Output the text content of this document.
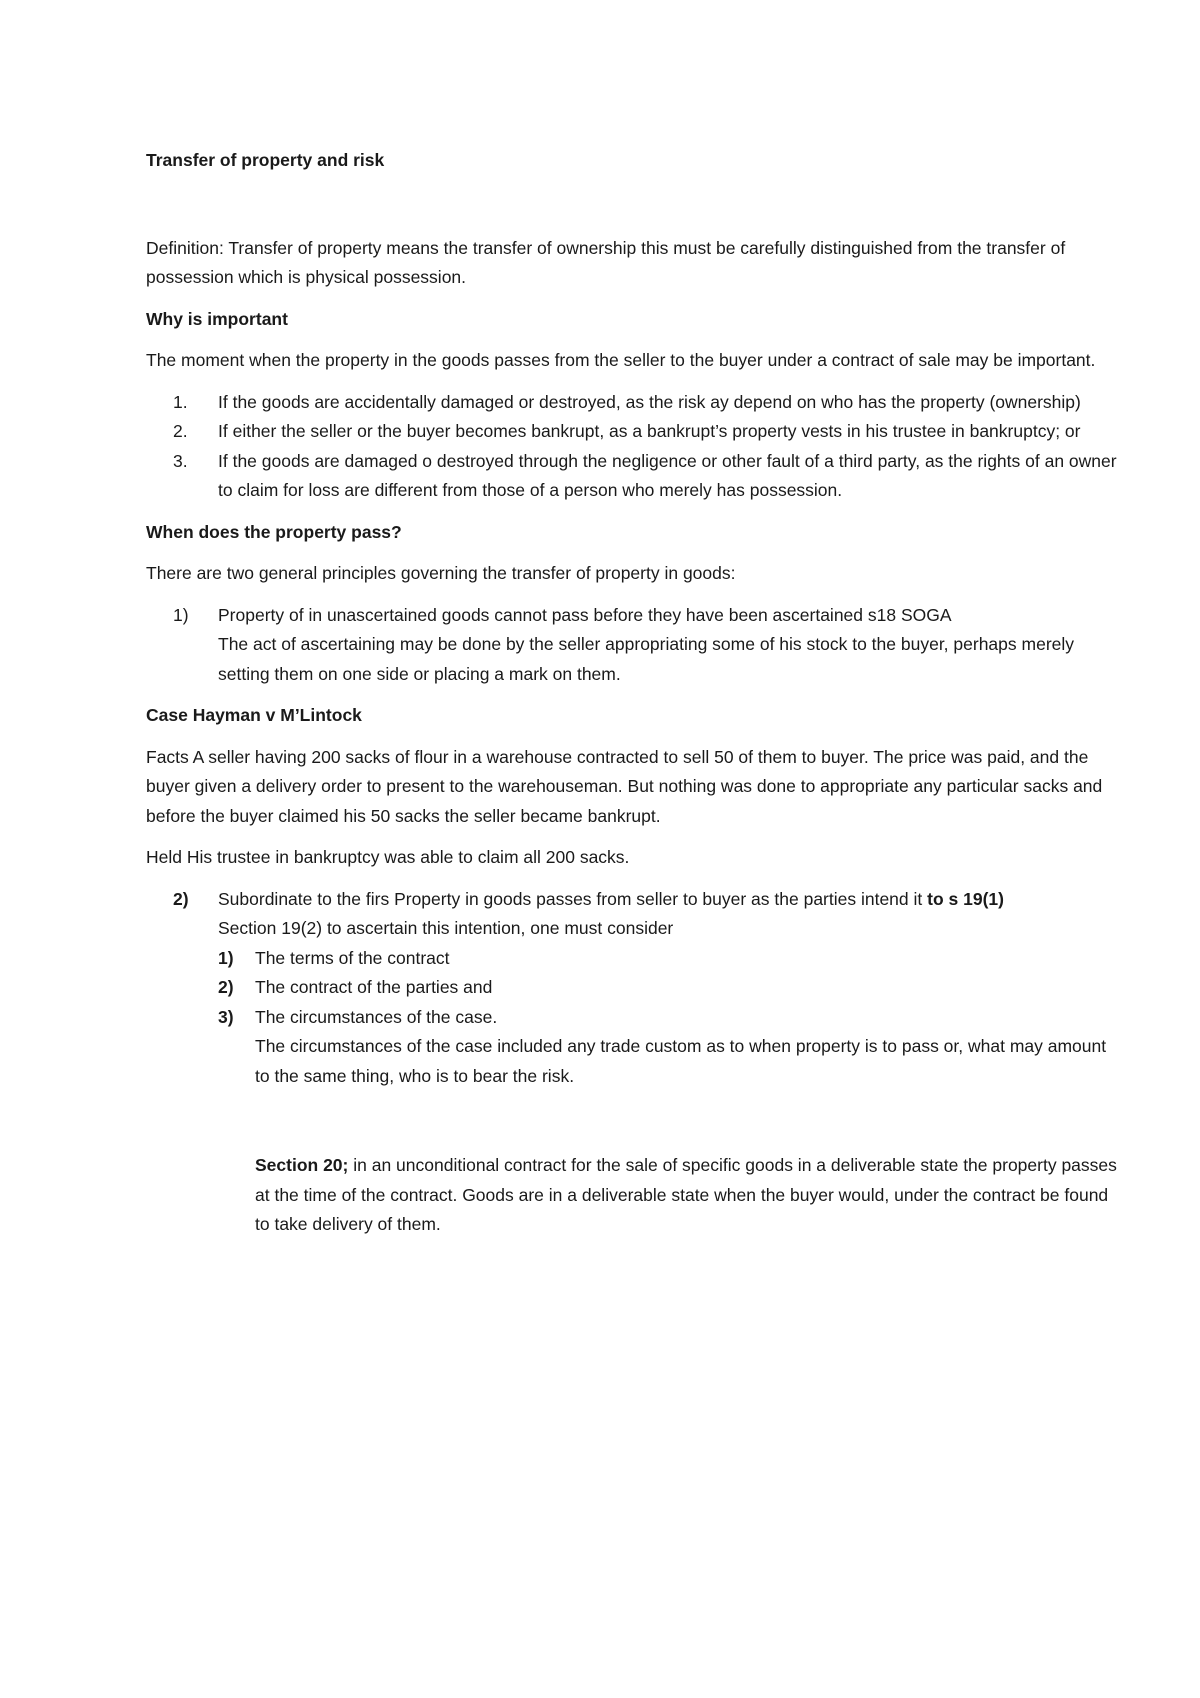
Transfer of property and risk

Definition: Transfer of property means the transfer of ownership this must be carefully distinguished from the transfer of possession which is physical possession.

Why is important

The moment when the property in the goods passes from the seller to the buyer under a contract of sale may be important.

1. If the goods are accidentally damaged or destroyed, as the risk ay depend on who has the property (ownership)
2. If either the seller or the buyer becomes bankrupt, as a bankrupt’s property vests in his trustee in bankruptcy; or
3. If the goods are damaged o destroyed through the negligence or other fault of a third party, as the rights of an owner to claim for loss are different from those of a person who merely has possession.

When does the property pass?

There are two general principles governing the transfer of property in goods:

1) Property of in unascertained goods cannot pass before they have been ascertained s18 SOGA
The act of ascertaining may be done by the seller appropriating some of his stock to the buyer, perhaps merely setting them on one side or placing a mark on them.

Case Hayman v M’Lintock

Facts A seller having 200 sacks of flour in a warehouse contracted to sell 50 of them to buyer. The price was paid, and the buyer given a delivery order to present to the warehouseman. But nothing was done to appropriate any particular sacks and before the buyer claimed his 50 sacks the seller became bankrupt.

Held His trustee in bankruptcy was able to claim all 200 sacks.

2) Subordinate to the firs Property in goods passes from seller to buyer as the parties intend it to s 19(1)
Section 19(2) to ascertain this intention, one must consider
1) The terms of the contract
2) The contract of the parties and
3) The circumstances of the case.
The circumstances of the case included any trade custom as to when property is to pass or, what may amount to the same thing, who is to bear the risk.
Section 20; in an unconditional contract for the sale of specific goods in a deliverable state the property passes at the time of the contract. Goods are in a deliverable state when the buyer would, under the contract be found to take delivery of them.
